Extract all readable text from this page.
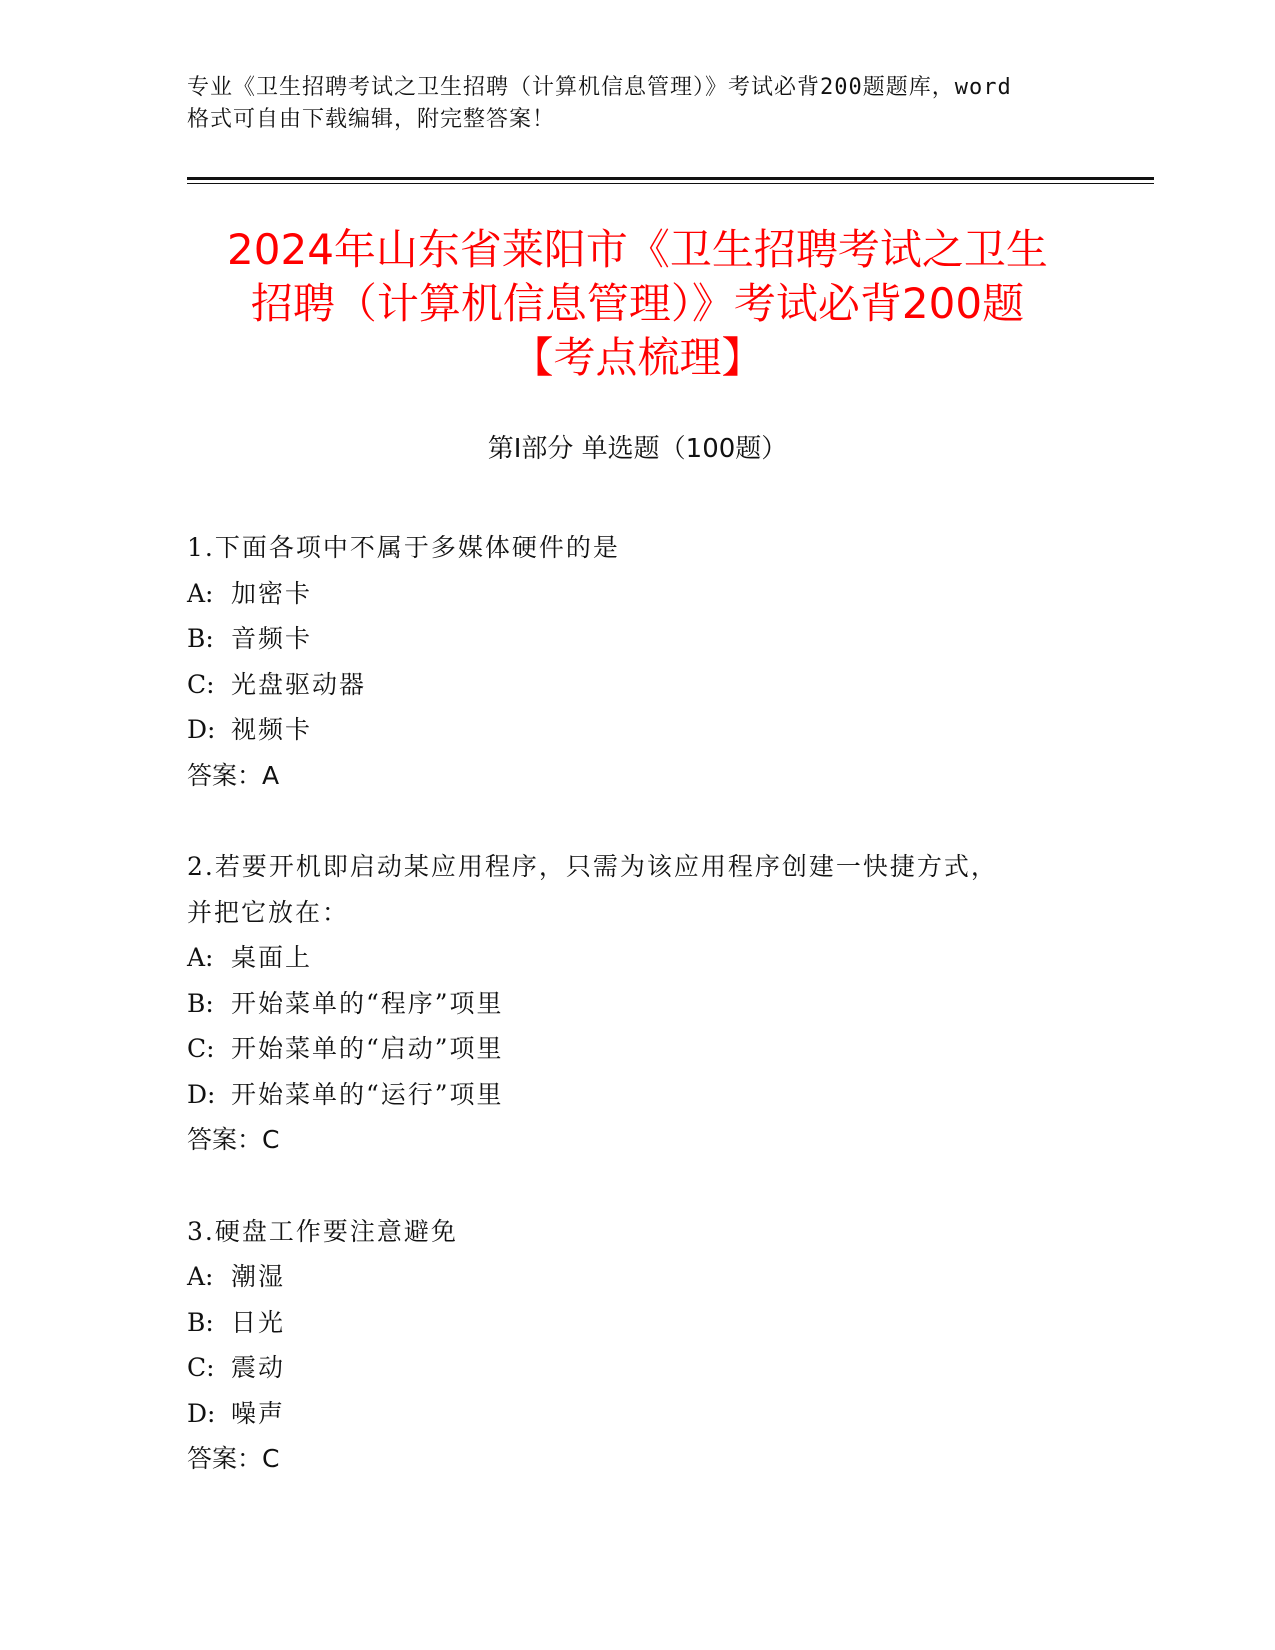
专业《卫生招聘考试之卫生招聘（计算机信息管理）》考试必背200题题库，word
格式可自由下载编辑，附完整答案！
2024年山东省莱阳市《卫生招聘考试之卫生
招聘（计算机信息管理）》考试必背200题
【考点梳理】
第Ⅰ部分 单选题（100题）

1.下面各项中不属于多媒体硬件的是

A: 加密卡

B: 音频卡

C: 光盘驱动器

D: 视频卡

答案：A

2.若要开机即启动某应用程序，只需为该应用程序创建一快捷方式，

并把它放在：

A: 桌面上

B: 开始菜单的“程序”项里

C: 开始菜单的“启动”项里

D: 开始菜单的“运行”项里

答案：C

3.硬盘工作要注意避免

A: 潮湿

B: 日光

C: 震动

D: 噪声

答案：C
